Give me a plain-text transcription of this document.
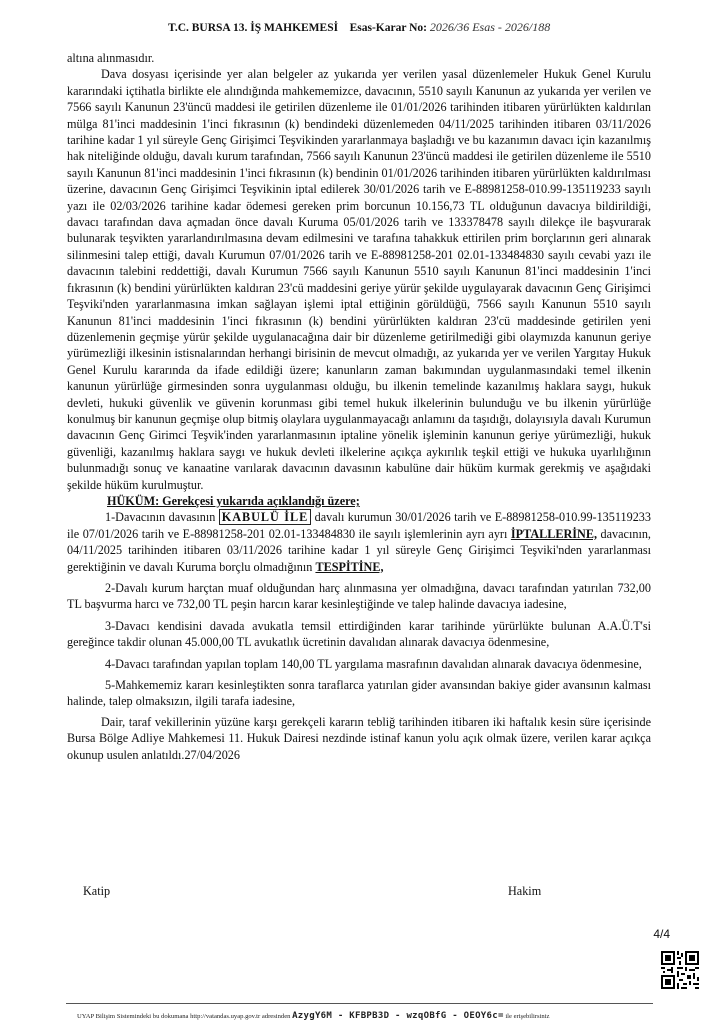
T.C. BURSA 13. İŞ MAHKEMESİ Esas-Karar No: 2026/36 Esas - 2026/188

altına alınmasıdır.

Dava dosyası içerisinde yer alan belgeler az yukarıda yer verilen yasal düzenlemeler Hukuk Genel Kurulu kararındaki içtihatla birlikte ele alındığında mahkememizce, davacının, 5510 sayılı Kanunun az yukarıda yer verilen ve 7566 sayılı Kanunun 23'üncü maddesi ile getirilen düzenleme ile 01/01/2026 tarihinden itibaren yürürlükten kaldırılan mülga 81'inci maddesinin 1'inci fıkrasının (k) bendindeki düzenlemeden 04/11/2025 tarihinden itibaren 03/11/2026 tarihine kadar 1 yıl süreyle Genç Girişimci Teşvikinden yararlanmaya başladığı ve bu kazanımın davacı için kazanılmış hak niteliğinde olduğu, davalı kurum tarafından, 7566 sayılı Kanunun 23'üncü maddesi ile getirilen düzenleme ile 5510 sayılı Kanunun 81'inci maddesinin 1'inci fıkrasının (k) bendinin 01/01/2026 tarihinden itibaren yürürlükten kaldırılması üzerine, davacının Genç Girişimci Teşvikinin iptal edilerek 30/01/2026 tarih ve E-88981258-010.99-135119233 sayılı yazı ile 02/03/2026 tarihine kadar ödemesi gereken prim borcunun 10.156,73 TL olduğunun davacıya bildirildiği, davacı tarafından dava açmadan önce davalı Kuruma 05/01/2026 tarih ve 133378478 sayılı dilekçe ile başvurarak bulunarak teşvikten yararlandırılmasına devam edilmesini ve tarafına tahakkuk ettirilen prim borçlarının geri alınarak silinmesini talep ettiği, davalı Kurumun 07/01/2026 tarih ve E-88981258-201 02.01-133484830 sayılı cevabi yazı ile davacının talebini reddettiği, davalı Kurumun 7566 sayılı Kanunun 5510 sayılı Kanunun 81'inci maddesinin 1'inci fıkrasının (k) bendini yürürlükten kaldıran 23'cü maddesini geriye yürür şekilde uygulayarak davacının Genç Girişimci Teşviki'nden yararlanmasına imkan sağlayan işlemi iptal ettiğinin görüldüğü, 7566 sayılı Kanunun 5510 sayılı Kanunun 81'inci maddesinin 1'inci fıkrasının (k) bendini yürürlükten kaldıran 23'cü maddesinde getirilen yeni düzenlemenin geçmişe yürür şekilde uygulanacağına dair bir düzenleme getirilmediği gibi olaymızda kanunun geriye yürümezliği ilkesinin istisnalarından herhangi birisinin de mevcut olmadığı, az yukarıda yer ve verilen Yargıtay Hukuk Genel Kurulu kararında da ifade edildiği üzere; kanunların zaman bakımından uygulanmasındaki temel ilkenin kanunun yürürlüğe girmesinden sonra uygulanması olduğu, bu ilkenin temelinde kazanılmış haklara saygı, hukuk devleti, hukuki güvenlik ve güvenin korunması gibi temel hukuk ilkelerinin bulunduğu ve bu ilkenin yürürlüğe konulmuş bir kanunun geçmişe olup bitmiş olaylara uygulanmayacağı anlamını da taşıdığı, dolayısıyla davalı Kurumun davacının Genç Girimci Teşvik'inden yararlanmasının iptaline yönelik işleminin kanunun geriye yürümezliği, hukuk güvenliği, kazanılmış haklara saygı ve hukuk devleti ilkelerine açıkça aykırılık teşkil ettiği ve hukuka uyarlılığının bulunmadığı sonuç ve kanaatine varılarak davacının davasının kabulüne dair hüküm kurmak gerekmiş ve aşağıdaki şekilde hüküm kurulmuştur.

HÜKÜM: Gerekçesi yukarıda açıklandığı üzere;

1-Davacının davasının KABULÜ İLE davalı kurumun 30/01/2026 tarih ve E-88981258-010.99-135119233 ile 07/01/2026 tarih ve E-88981258-201 02.01-133484830 ile sayılı işlemlerinin ayrı ayrı İPTALLERİNE, davacının, 04/11/2025 tarihinden itibaren 03/11/2026 tarihine kadar 1 yıl süreyle Genç Girişimci Teşviki'nden yararlanması gerektiğinin ve davalı Kuruma borçlu olmadığının TESPİTİNE,

2-Davalı kurum harçtan muaf olduğundan harç alınmasına yer olmadığına, davacı tarafından yatırılan 732,00 TL başvurma harcı ve 732,00 TL peşin harcın karar kesinleştiğinde ve talep halinde davacıya iadesine,

3-Davacı kendisini davada avukatla temsil ettirdiğinden karar tarihinde yürürlükte bulunan A.A.Ü.T'si gereğince takdir olunan 45.000,00 TL avukatlık ücretinin davalıdan alınarak davacıya ödenmesine,

4-Davacı tarafından yapılan toplam 140,00 TL yargılama masrafının davalıdan alınarak davacıya ödenmesine,

5-Mahkememiz kararı kesinleştikten sonra taraflarca yatırılan gider avansından bakiye gider avansının kalması halinde, talep olmaksızın, ilgili tarafa iadesine,

Dair, taraf vekillerinin yüzüne karşı gerekçeli kararın tebliğ tarihinden itibaren iki haftalık kesin süre içerisinde Bursa Bölge Adliye Mahkemesi 11. Hukuk Dairesi nezdinde istinaf kanun yolu açık olmak üzere, verilen karar açıkça okunup usulen anlatıldı.27/04/2026

Katip	Hakim
4/4
UYAP Bilişim Sistemindeki bu dokumana http://vatandas.uyap.gov.tr adresinden AzygY6M - KFBPB3D - wzqOBfG - OEOY6c= ile erişebilirsiniz
